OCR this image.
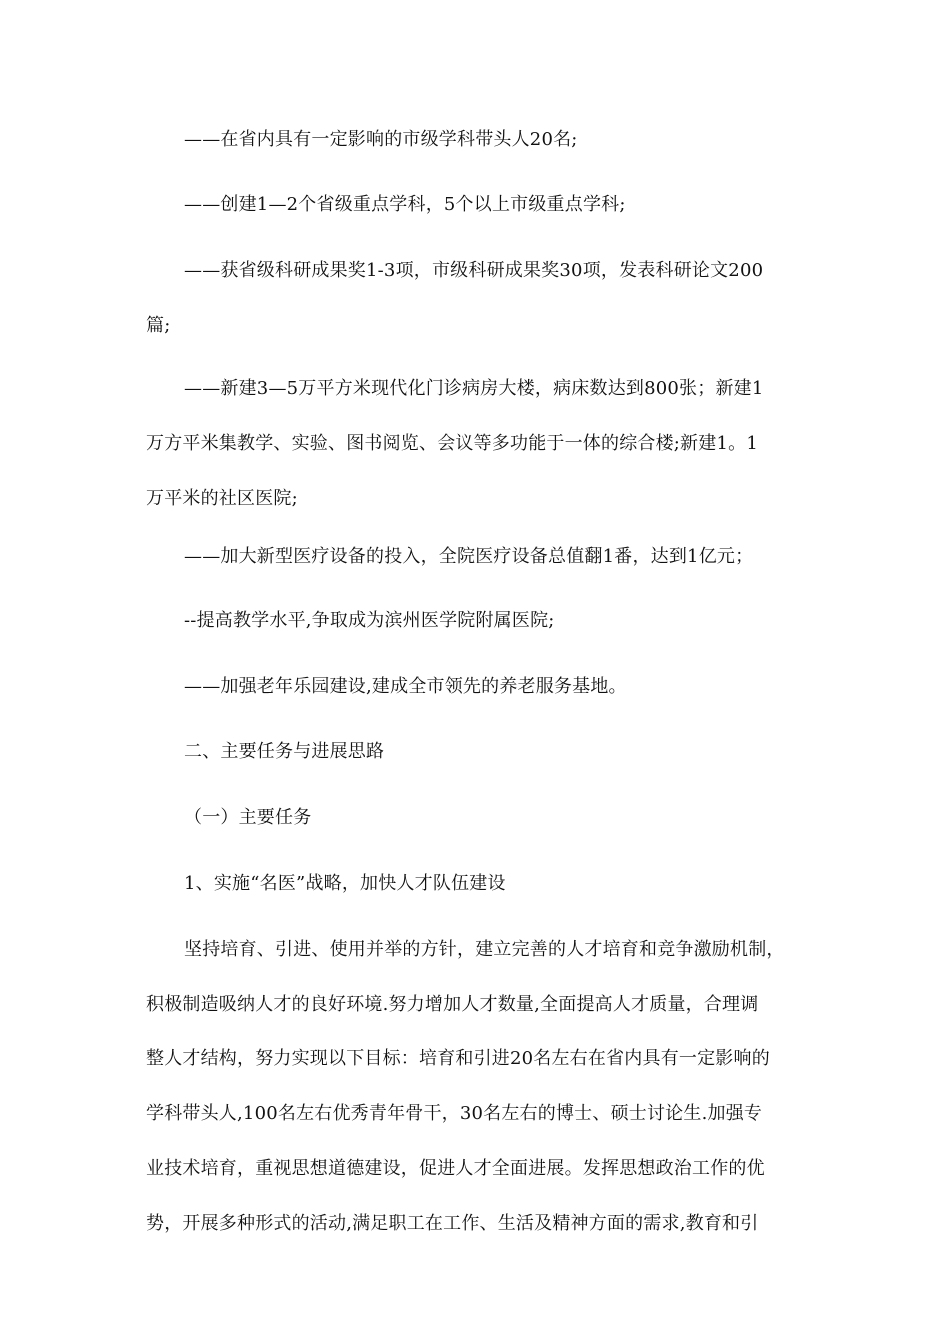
——在省内具有一定影响的市级学科带头人20名;
——创建1—2个省级重点学科，5个以上市级重点学科;
——获省级科研成果奖1-3项，市级科研成果奖30项，发表科研论文200
篇;
——新建3—5万平方米现代化门诊病房大楼，病床数达到800张；新建1
万方平米集教学、实验、图书阅览、会议等多功能于一体的综合楼;新建1。1
万平米的社区医院;
——加大新型医疗设备的投入，全院医疗设备总值翻1番，达到1亿元；
--提高教学水平,争取成为滨州医学院附属医院;
——加强老年乐园建设,建成全市领先的养老服务基地。
二、主要任务与进展思路
（一）主要任务
1、实施“名医”战略，加快人才队伍建设
坚持培育、引进、使用并举的方针，建立完善的人才培育和竞争激励机制，
积极制造吸纳人才的良好环境.努力增加人才数量,全面提高人才质量，合理调
整人才结构，努力实现以下目标：培育和引进20名左右在省内具有一定影响的
学科带头人,100名左右优秀青年骨干，30名左右的博士、硕士讨论生.加强专
业技术培育，重视思想道德建设，促进人才全面进展。发挥思想政治工作的优
势，开展多种形式的活动,满足职工在工作、生活及精神方面的需求,教育和引
